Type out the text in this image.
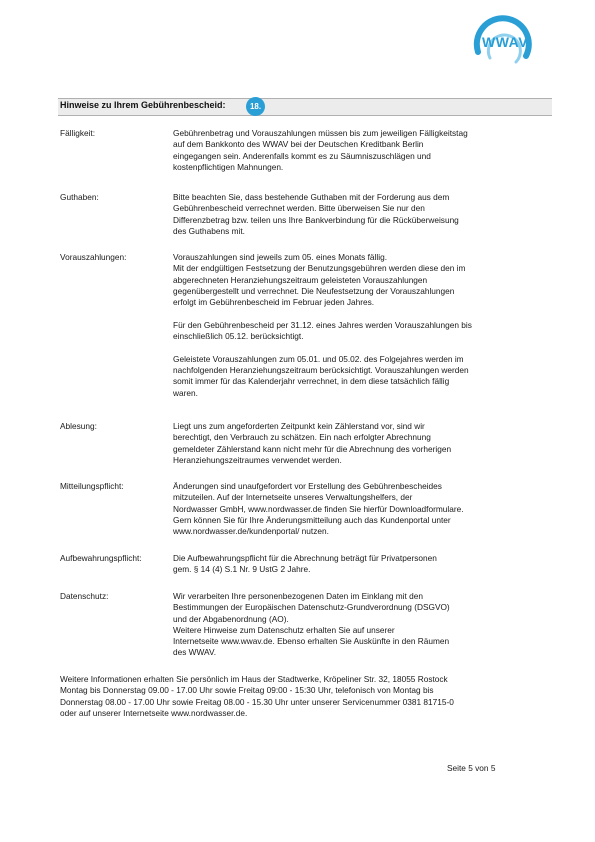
WWAV
Hinweise zu Ihrem Gebührenbescheid:	18.
Fälligkeit:	Gebührenbetrag und Vorauszahlungen müssen bis zum jeweiligen Fälligkeitstag
auf dem Bankkonto des WWAV bei der Deutschen Kreditbank Berlin
eingegangen sein. Anderenfalls kommt es zu Säumniszuschlägen und
kostenpflichtigen Mahnungen.
Guthaben:	Bitte beachten Sie, dass bestehende Guthaben mit der Forderung aus dem
Gebührenbescheid verrechnet werden. Bitte überweisen Sie nur den
Differenzbetrag bzw. teilen uns Ihre Bankverbindung für die Rücküberweisung
des Guthabens mit.
Vorauszahlungen:	Vorauszahlungen sind jeweils zum 05. eines Monats fällig.
Mit der endgültigen Festsetzung der Benutzungsgebühren werden diese den im
abgerechneten Heranziehungszeitraum geleisteten Vorauszahlungen
gegenübergestellt und verrechnet. Die Neufestsetzung der Vorauszahlungen
erfolgt im Gebührenbescheid im Februar jeden Jahres.
Für den Gebührenbescheid per 31.12. eines Jahres werden Vorauszahlungen bis
einschließlich 05.12. berücksichtigt.
Geleistete Vorauszahlungen zum 05.01. und 05.02. des Folgejahres werden im
nachfolgenden Heranziehungszeitraum berücksichtigt. Vorauszahlungen werden
somit immer für das Kalenderjahr verrechnet, in dem diese tatsächlich fällig
waren.
Ablesung:	Liegt uns zum angeforderten Zeitpunkt kein Zählerstand vor, sind wir
berechtigt, den Verbrauch zu schätzen. Ein nach erfolgter Abrechnung
gemeldeter Zählerstand kann nicht mehr für die Abrechnung des vorherigen
Heranziehungszeitraumes verwendet werden.
Mitteilungspflicht:	Änderungen sind unaufgefordert vor Erstellung des Gebührenbescheides
mitzuteilen. Auf der Internetseite unseres Verwaltungshelfers, der
Nordwasser GmbH, www.nordwasser.de finden Sie hierfür Downloadformulare.
Gern können Sie für Ihre Änderungsmitteilung auch das Kundenportal unter
www.nordwasser.de/kundenportal/ nutzen.
Aufbewahrungspflicht:	Die Aufbewahrungspflicht für die Abrechnung beträgt für Privatpersonen
gem. § 14 (4) S.1 Nr. 9 UstG 2 Jahre.
Datenschutz:	Wir verarbeiten Ihre personenbezogenen Daten im Einklang mit den
Bestimmungen der Europäischen Datenschutz-Grundverordnung (DSGVO)
und der Abgabenordnung (AO).
Weitere Hinweise zum Datenschutz erhalten Sie auf unserer
Internetseite www.wwav.de. Ebenso erhalten Sie Auskünfte in den Räumen
des WWAV.
Weitere Informationen erhalten Sie persönlich im Haus der Stadtwerke, Kröpeliner Str. 32, 18055 Rostock
Montag bis Donnerstag 09.00 - 17.00 Uhr sowie Freitag 09:00 - 15:30 Uhr, telefonisch von Montag bis
Donnerstag 08.00 - 17.00 Uhr sowie Freitag 08.00 - 15.30 Uhr unter unserer Servicenummer 0381 81715-0
oder auf unserer Internetseite www.nordwasser.de.
Seite 5 von 5
